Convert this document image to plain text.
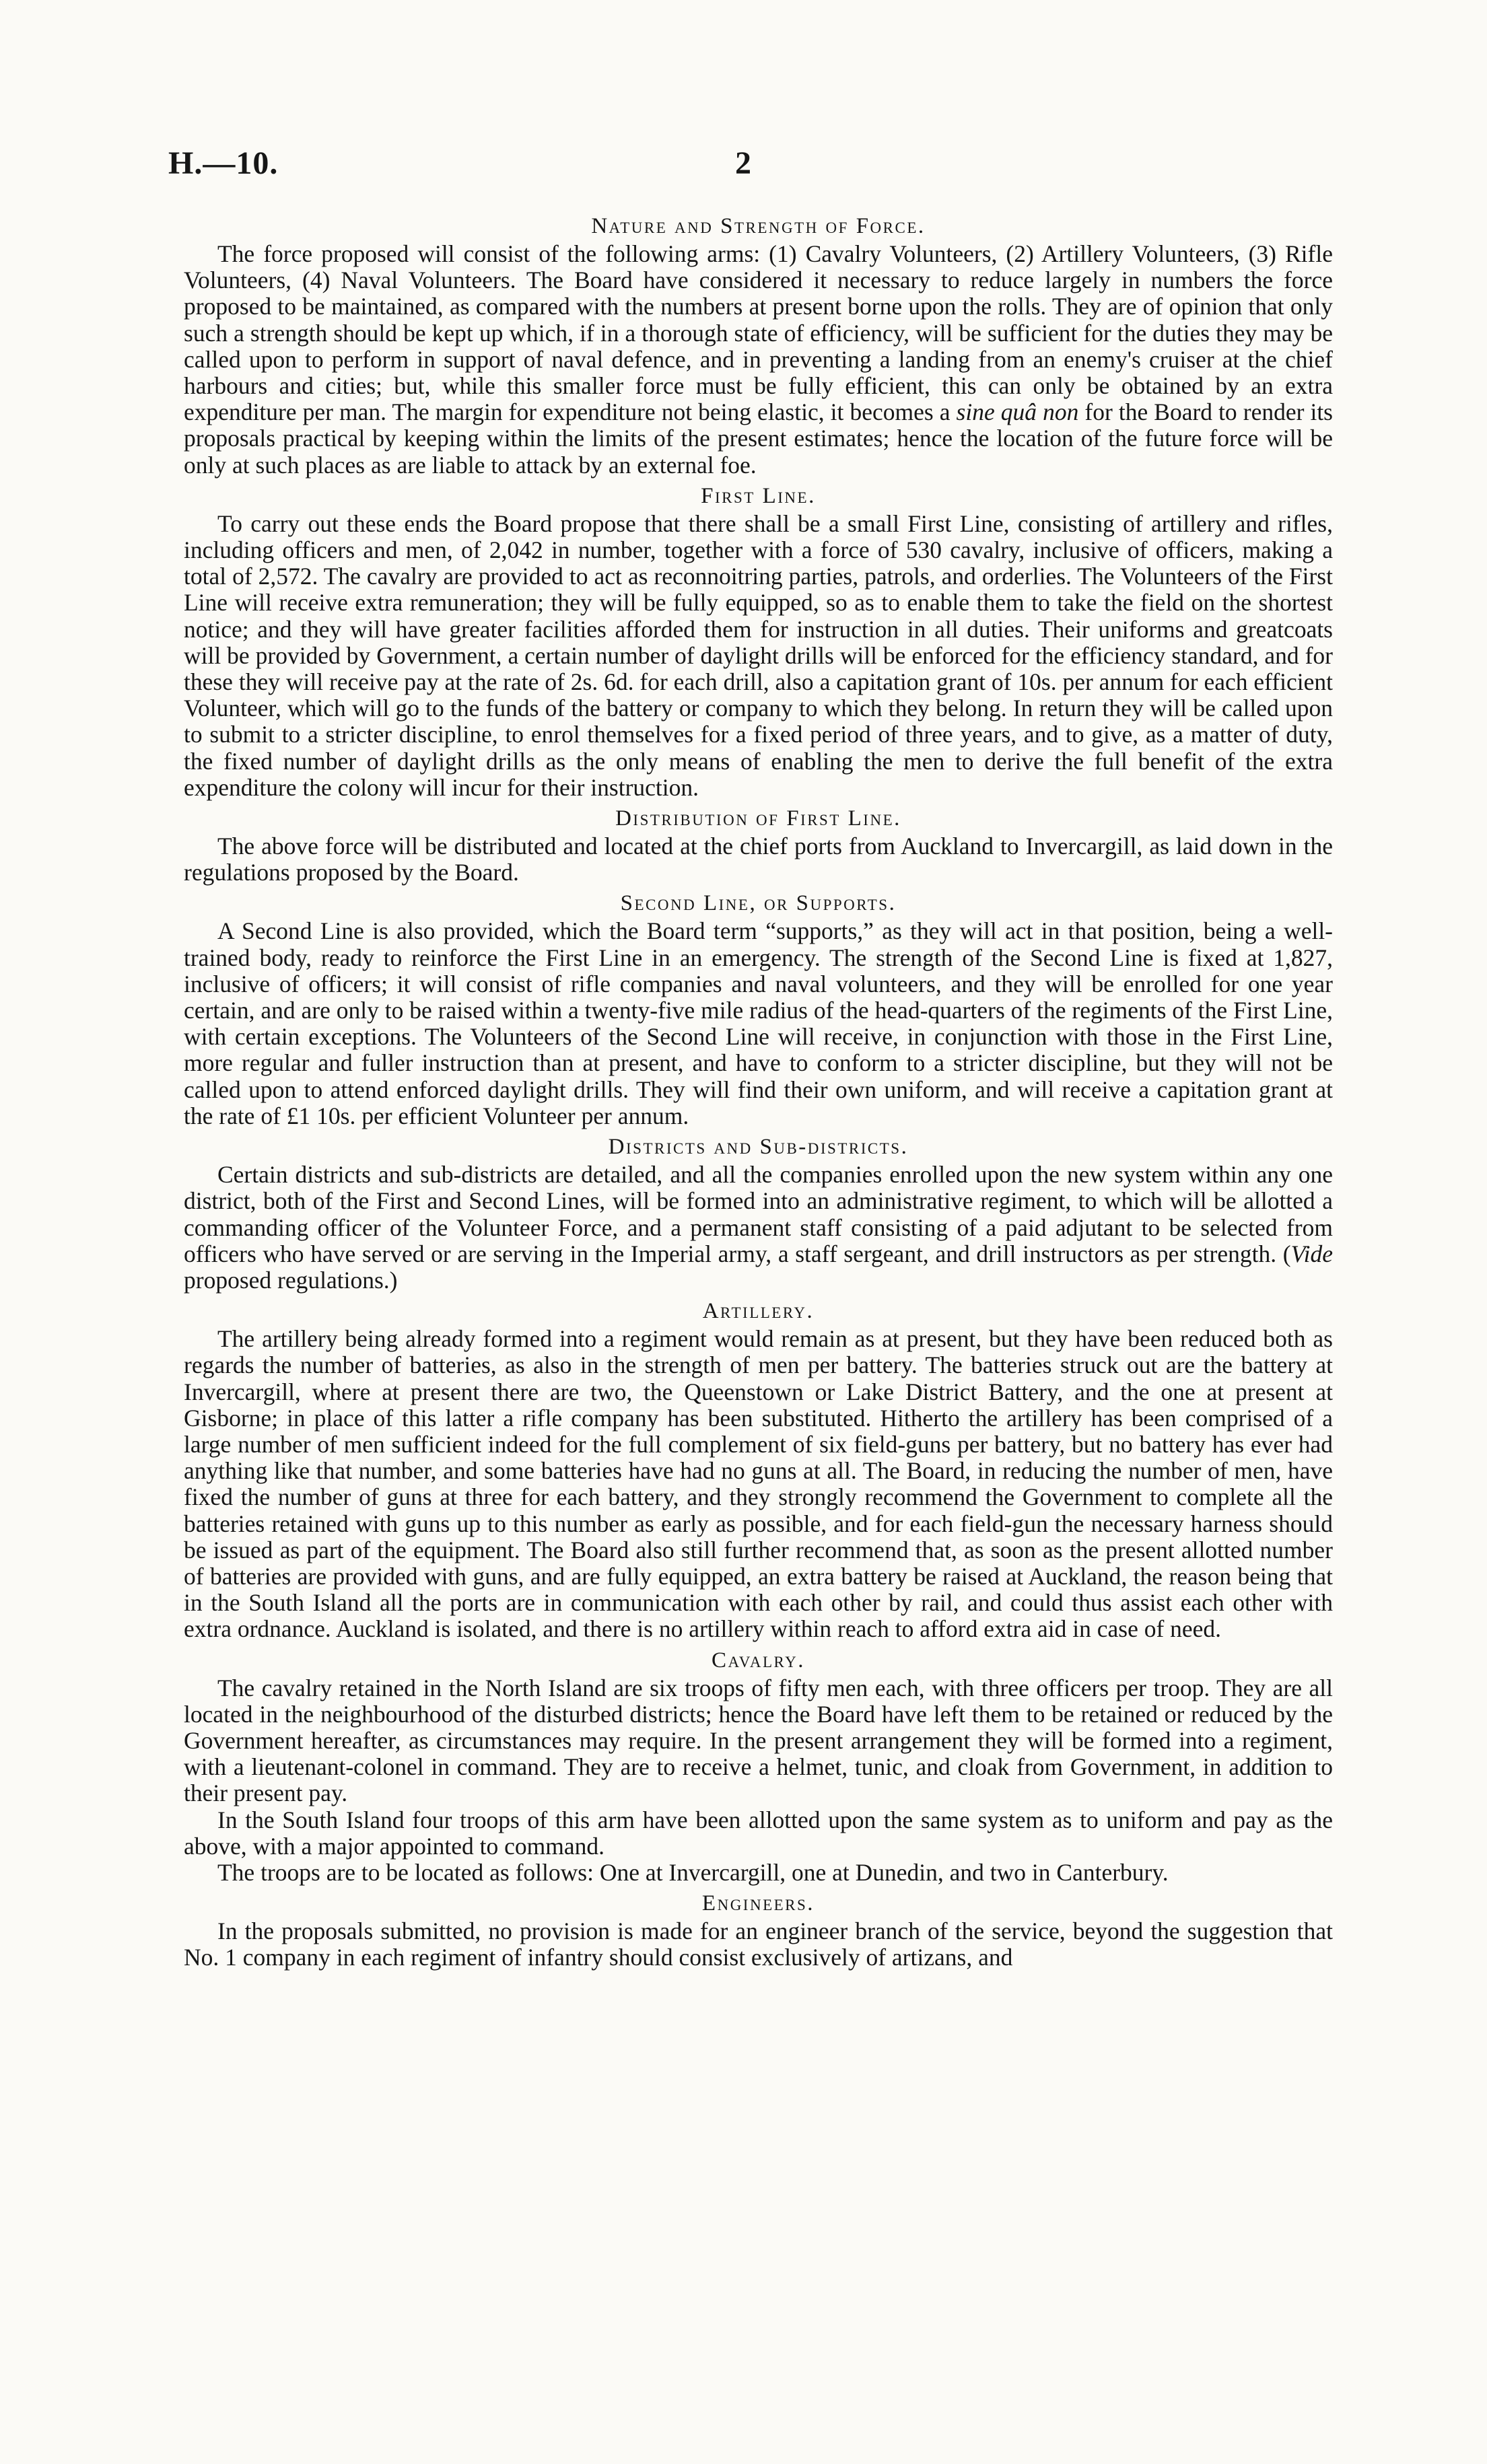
H.—10.	2
Nature and Strength of Force.

The force proposed will consist of the following arms: (1) Cavalry Volunteers, (2) Artillery Volunteers, (3) Rifle Volunteers, (4) Naval Volunteers. The Board have considered it necessary to reduce largely in numbers the force proposed to be maintained, as compared with the numbers at present borne upon the rolls. They are of opinion that only such a strength should be kept up which, if in a thorough state of efficiency, will be sufficient for the duties they may be called upon to perform in support of naval defence, and in preventing a landing from an enemy's cruiser at the chief harbours and cities; but, while this smaller force must be fully efficient, this can only be obtained by an extra expenditure per man. The margin for expenditure not being elastic, it becomes a sine quâ non for the Board to render its proposals practical by keeping within the limits of the present estimates; hence the location of the future force will be only at such places as are liable to attack by an external foe.

First Line.

To carry out these ends the Board propose that there shall be a small First Line, consisting of artillery and rifles, including officers and men, of 2,042 in number, together with a force of 530 cavalry, inclusive of officers, making a total of 2,572. The cavalry are provided to act as reconnoitring parties, patrols, and orderlies. The Volunteers of the First Line will receive extra remuneration; they will be fully equipped, so as to enable them to take the field on the shortest notice; and they will have greater facilities afforded them for instruction in all duties. Their uniforms and greatcoats will be provided by Government, a certain number of daylight drills will be enforced for the efficiency standard, and for these they will receive pay at the rate of 2s. 6d. for each drill, also a capitation grant of 10s. per annum for each efficient Volunteer, which will go to the funds of the battery or company to which they belong. In return they will be called upon to submit to a stricter discipline, to enrol themselves for a fixed period of three years, and to give, as a matter of duty, the fixed number of daylight drills as the only means of enabling the men to derive the full benefit of the extra expenditure the colony will incur for their instruction.

Distribution of First Line.

The above force will be distributed and located at the chief ports from Auckland to Invercargill, as laid down in the regulations proposed by the Board.

Second Line, or Supports.

A Second Line is also provided, which the Board term “supports,” as they will act in that position, being a well-trained body, ready to reinforce the First Line in an emergency. The strength of the Second Line is fixed at 1,827, inclusive of officers; it will consist of rifle companies and naval volunteers, and they will be enrolled for one year certain, and are only to be raised within a twenty-five mile radius of the head-quarters of the regiments of the First Line, with certain exceptions. The Volunteers of the Second Line will receive, in conjunction with those in the First Line, more regular and fuller instruction than at present, and have to conform to a stricter discipline, but they will not be called upon to attend enforced daylight drills. They will find their own uniform, and will receive a capitation grant at the rate of £1 10s. per efficient Volunteer per annum.

Districts and Sub-districts.

Certain districts and sub-districts are detailed, and all the companies enrolled upon the new system within any one district, both of the First and Second Lines, will be formed into an administrative regiment, to which will be allotted a commanding officer of the Volunteer Force, and a permanent staff consisting of a paid adjutant to be selected from officers who have served or are serving in the Imperial army, a staff sergeant, and drill instructors as per strength. (Vide proposed regulations.)

Artillery.

The artillery being already formed into a regiment would remain as at present, but they have been reduced both as regards the number of batteries, as also in the strength of men per battery. The batteries struck out are the battery at Invercargill, where at present there are two, the Queenstown or Lake District Battery, and the one at present at Gisborne; in place of this latter a rifle company has been substituted. Hitherto the artillery has been comprised of a large number of men sufficient indeed for the full complement of six field-guns per battery, but no battery has ever had anything like that number, and some batteries have had no guns at all. The Board, in reducing the number of men, have fixed the number of guns at three for each battery, and they strongly recommend the Government to complete all the batteries retained with guns up to this number as early as possible, and for each field-gun the necessary harness should be issued as part of the equipment. The Board also still further recommend that, as soon as the present allotted number of batteries are provided with guns, and are fully equipped, an extra battery be raised at Auckland, the reason being that in the South Island all the ports are in communication with each other by rail, and could thus assist each other with extra ordnance. Auckland is isolated, and there is no artillery within reach to afford extra aid in case of need.

Cavalry.

The cavalry retained in the North Island are six troops of fifty men each, with three officers per troop. They are all located in the neighbourhood of the disturbed districts; hence the Board have left them to be retained or reduced by the Government hereafter, as circumstances may require. In the present arrangement they will be formed into a regiment, with a lieutenant-colonel in command. They are to receive a helmet, tunic, and cloak from Government, in addition to their present pay.

In the South Island four troops of this arm have been allotted upon the same system as to uniform and pay as the above, with a major appointed to command.

The troops are to be located as follows: One at Invercargill, one at Dunedin, and two in Canterbury.

Engineers.

In the proposals submitted, no provision is made for an engineer branch of the service, beyond the suggestion that No. 1 company in each regiment of infantry should consist exclusively of artizans, and
